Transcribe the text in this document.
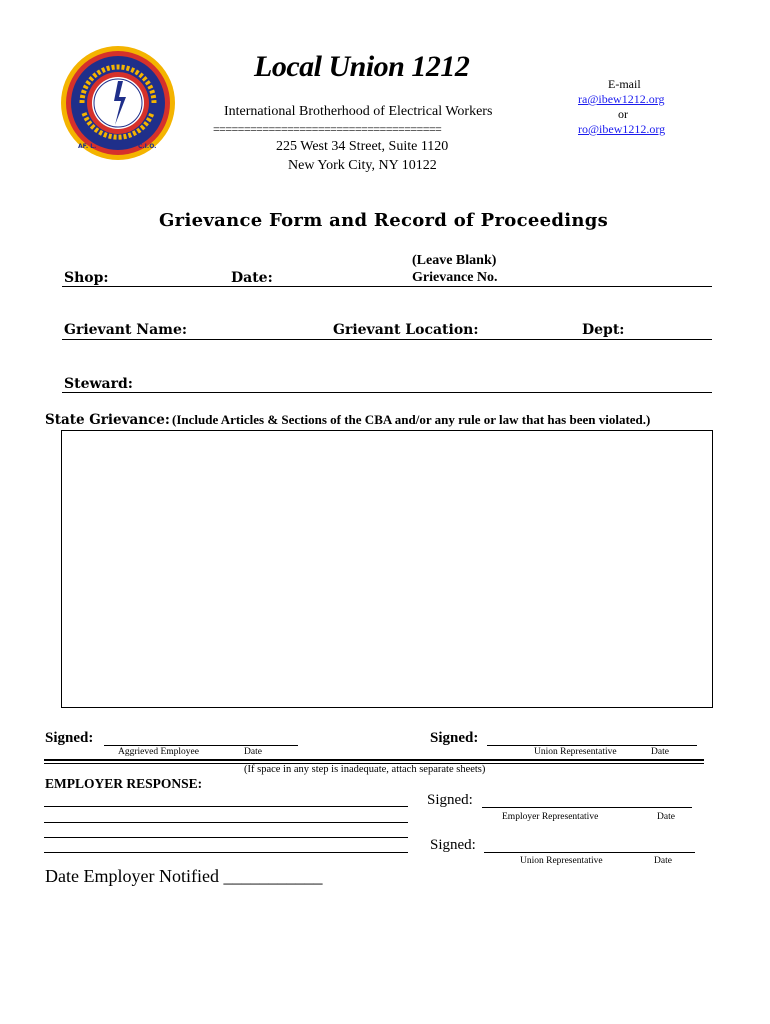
AF. L.	C.I.O.
Local Union 1212
International Brotherhood of Electrical Workers
=====================================
225 West 34 Street, Suite 1120
New York City, NY 10122
E-mail
ra@ibew1212.org
or
ro@ibew1212.org
Grievance Form and Record of Proceedings
(Leave Blank)
Shop:	Date:	Grievance No.
Grievant Name:	Grievant Location:	Dept:
Steward:
State Grievance: (Include Articles & Sections of the CBA and/or any rule or law that has been violated.)
Signed:
Aggrieved Employee	Date
Signed:
Union Representative	Date
(If space in any step is inadequate, attach separate sheets)
EMPLOYER RESPONSE:
Signed:
Employer Representative	Date
Signed:
Union Representative	Date
Date Employer Notified ___________
